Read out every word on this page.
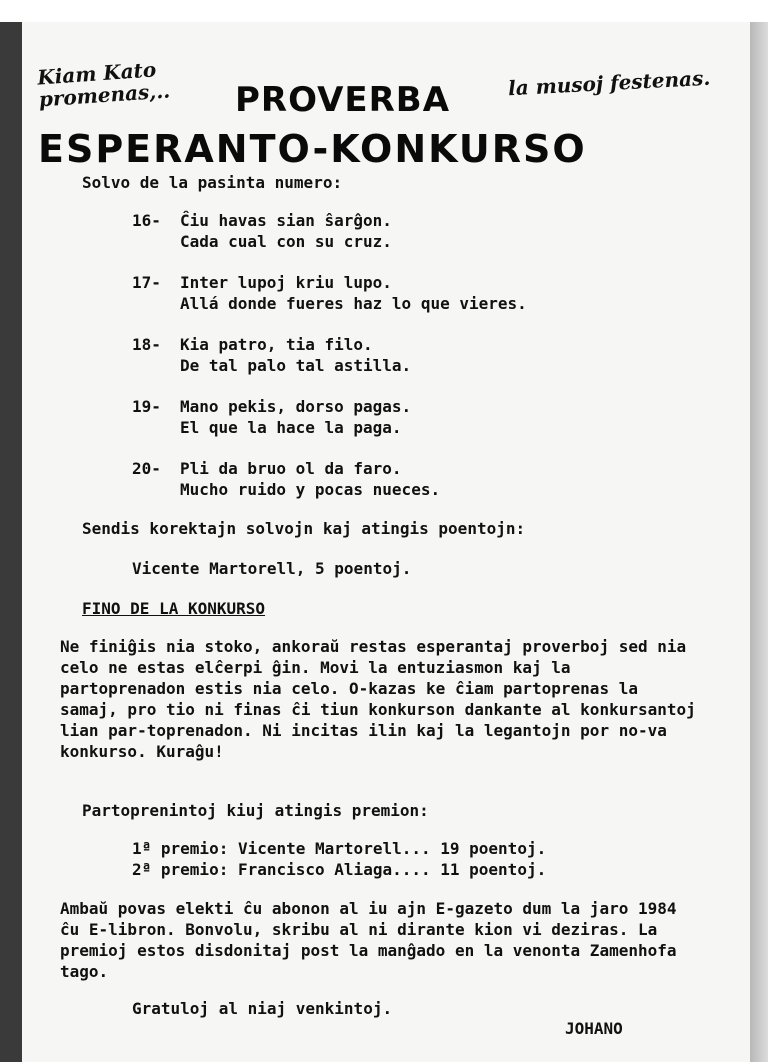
Kiam Kato
promenas,..	la musoj festenas.
PROVERBA
ESPERANTO-KONKURSO
Solvo de la pasinta numero:
16- Ĉiu havas sian ŝarĝon.
Cada cual con su cruz.
17- Inter lupoj kriu lupo.
Allá donde fueres haz lo que vieres.
18- Kia patro, tia filo.
De tal palo tal astilla.
19- Mano pekis, dorso pagas.
El que la hace la paga.
20- Pli da bruo ol da faro.
Mucho ruido y pocas nueces.
Sendis korektajn solvojn kaj atingis poentojn:
Vicente Martorell, 5 poentoj.
FINO DE LA KONKURSO
Ne finiĝis nia stoko, ankoraŭ restas esperantaj proverboj sed nia celo ne estas elĉerpi ĝin. Movi la entuziasmon kaj la partoprenadon estis nia celo. O-kazas ke ĉiam partoprenas la samaj, pro tio ni finas ĉi tiun konkurson dankante al konkursantoj lian par-toprenadon. Ni incitas ilin kaj la legantojn por no-va konkurso. Kuraĝu!
Partoprenintoj kiuj atingis premion:
1ª premio: Vicente Martorell... 19 poentoj.
2ª premio: Francisco Aliaga.... 11 poentoj.
Ambaŭ povas elekti ĉu abonon al iu ajn E-gazeto dum la jaro 1984 ĉu E-libron. Bonvolu, skribu al ni dirante kion vi deziras. La premioj estos disdonitaj post la manĝado en la venonta Zamenhofa tago.
Gratuloj al niaj venkintoj.
JOHANO
